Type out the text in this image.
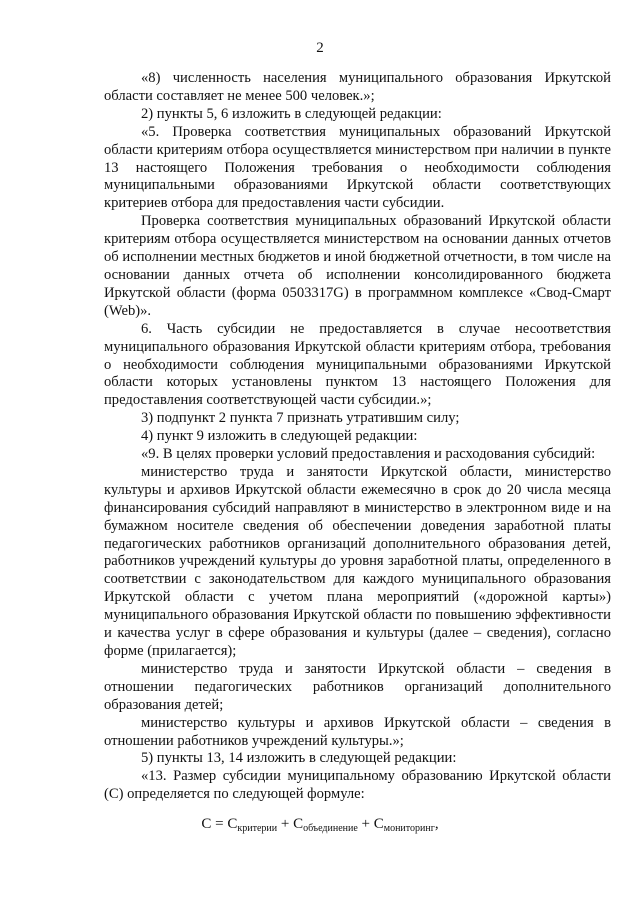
2

«8) численность населения муниципального образования Иркутской области составляет не менее 500 человек.»;

2) пункты 5, 6 изложить в следующей редакции:

«5. Проверка соответствия муниципальных образований Иркутской области критериям отбора осуществляется министерством при наличии в пункте 13 настоящего Положения требования о необходимости соблюдения муниципальными образованиями Иркутской области соответствующих критериев отбора для предоставления части субсидии.

Проверка соответствия муниципальных образований Иркутской области критериям отбора осуществляется министерством на основании данных отчетов об исполнении местных бюджетов и иной бюджетной отчетности, в том числе на основании данных отчета об исполнении консолидированного бюджета Иркутской области (форма 0503317G) в программном комплексе «Свод-Смарт (Web)».

6. Часть субсидии не предоставляется в случае несоответствия муниципального образования Иркутской области критериям отбора, требования о необходимости соблюдения муниципальными образованиями Иркутской области которых установлены пунктом 13 настоящего Положения для предоставления соответствующей части субсидии.»;

3) подпункт 2 пункта 7 признать утратившим силу;

4) пункт 9 изложить в следующей редакции:

«9. В целях проверки условий предоставления и расходования субсидий:

министерство труда и занятости Иркутской области, министерство культуры и архивов Иркутской области ежемесячно в срок до 20 числа месяца финансирования субсидий направляют в министерство в электронном виде и на бумажном носителе сведения об обеспечении доведения заработной платы педагогических работников организаций дополнительного образования детей, работников учреждений культуры до уровня заработной платы, определенного в соответствии с законодательством для каждого муниципального образования Иркутской области с учетом плана мероприятий («дорожной карты») муниципального образования Иркутской области по повышению эффективности и качества услуг в сфере образования и культуры (далее – сведения), согласно форме (прилагается);

министерство труда и занятости Иркутской области – сведения в отношении педагогических работников организаций дополнительного образования детей;

министерство культуры и архивов Иркутской области – сведения в отношении работников учреждений культуры.»;

5) пункты 13, 14 изложить в следующей редакции:

«13. Размер субсидии муниципальному образованию Иркутской области (С) определяется по следующей формуле:

$С = С_{критерии} + С_{объединение} + С_{мониторинг}$,
